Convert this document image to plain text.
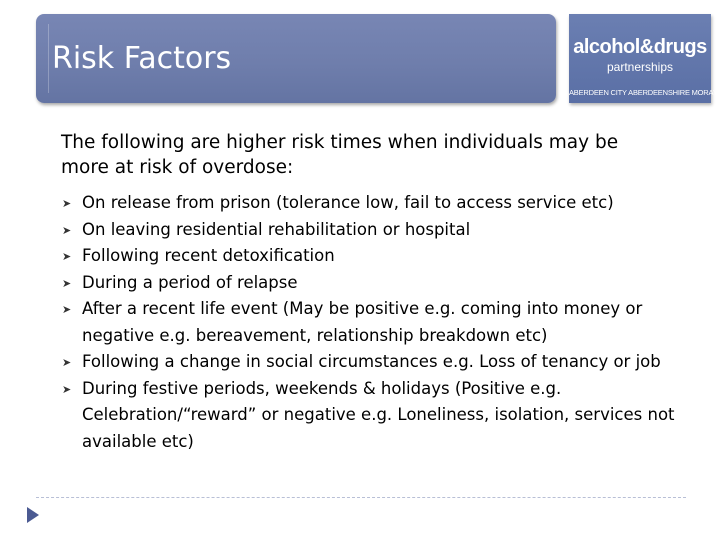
Risk Factors	alcohol&drugs
partnerships
ABERDEEN CITY ABERDEENSHIRE MORAY
The following are higher risk times when individuals may be more at risk of overdose:
➤ On release from prison (tolerance low, fail to access service etc)
➤ On leaving residential rehabilitation or hospital
➤ Following recent detoxification
➤ During a period of relapse
➤ After a recent life event (May be positive e.g. coming into money or negative e.g. bereavement, relationship breakdown etc)
➤ Following a change in social circumstances e.g. Loss of tenancy or job
➤ During festive periods, weekends & holidays (Positive e.g. Celebration/“reward” or negative e.g. Loneliness, isolation, services not available etc)
